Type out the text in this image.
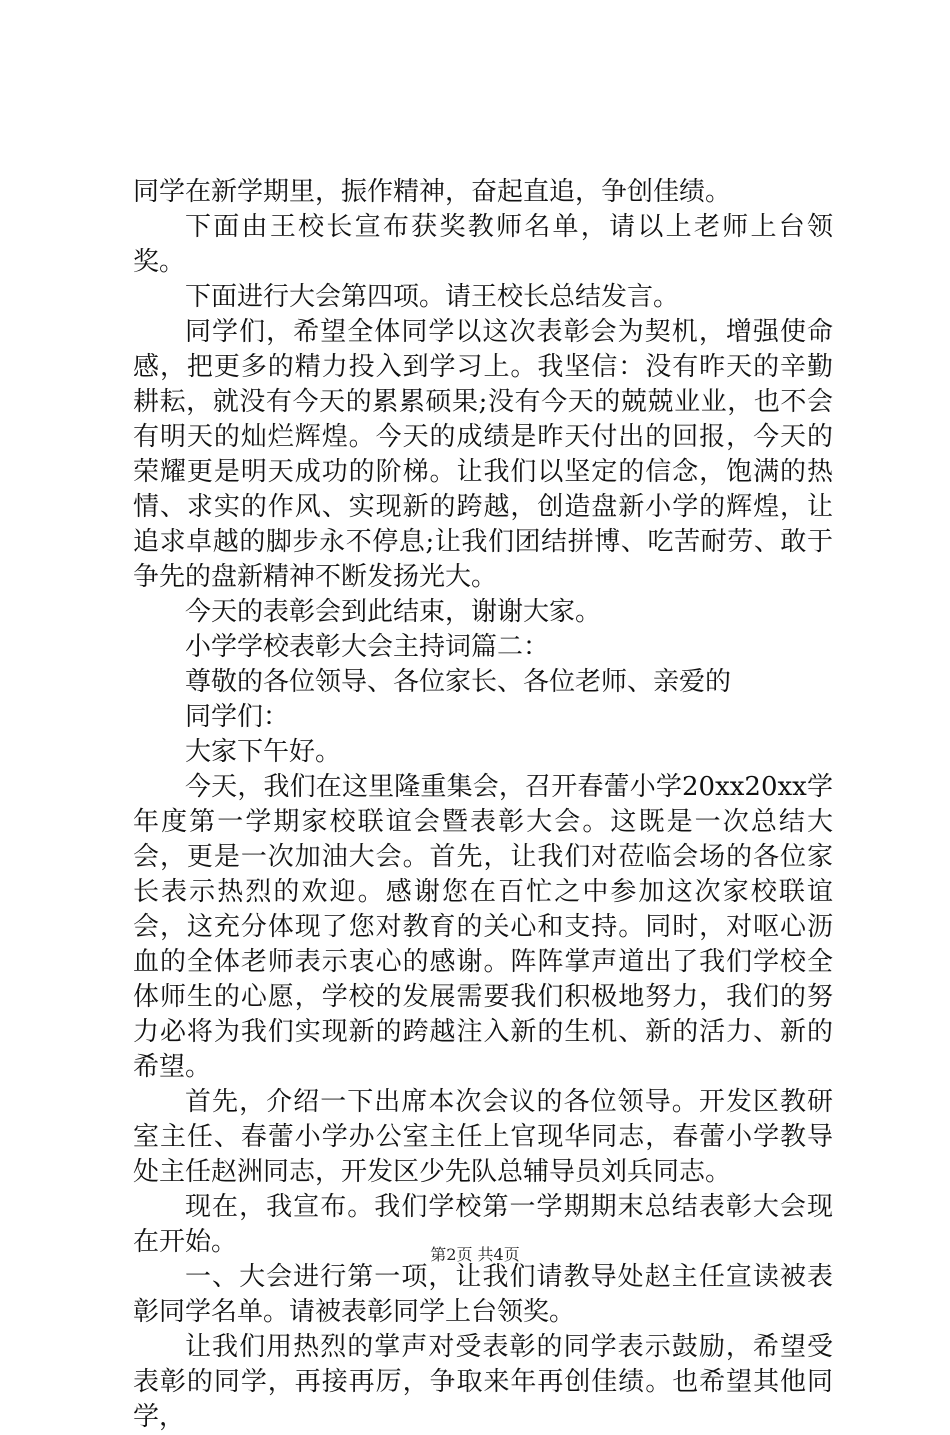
同学在新学期里，振作精神，奋起直追，争创佳绩。

下面由王校长宣布获奖教师名单，请以上老师上台领奖。

下面进行大会第四项。请王校长总结发言。

同学们，希望全体同学以这次表彰会为契机，增强使命感，把更多的精力投入到学习上。我坚信：没有昨天的辛勤耕耘，就没有今天的累累硕果;没有今天的兢兢业业，也不会有明天的灿烂辉煌。今天的成绩是昨天付出的回报，今天的荣耀更是明天成功的阶梯。让我们以坚定的信念，饱满的热情、求实的作风、实现新的跨越，创造盘新小学的辉煌，让追求卓越的脚步永不停息;让我们团结拼博、吃苦耐劳、敢于争先的盘新精神不断发扬光大。

今天的表彰会到此结束，谢谢大家。

小学学校表彰大会主持词篇二：

尊敬的各位领导、各位家长、各位老师、亲爱的

同学们：

大家下午好。

今天，我们在这里隆重集会，召开春蕾小学20xx20xx学年度第一学期家校联谊会暨表彰大会。这既是一次总结大会，更是一次加油大会。首先，让我们对莅临会场的各位家长表示热烈的欢迎。感谢您在百忙之中参加这次家校联谊会，这充分体现了您对教育的关心和支持。同时，对呕心沥血的全体老师表示衷心的感谢。阵阵掌声道出了我们学校全体师生的心愿，学校的发展需要我们积极地努力，我们的努力必将为我们实现新的跨越注入新的生机、新的活力、新的希望。

首先，介绍一下出席本次会议的各位领导。开发区教研室主任、春蕾小学办公室主任上官现华同志，春蕾小学教导处主任赵洲同志，开发区少先队总辅导员刘兵同志。

现在，我宣布。我们学校第一学期期末总结表彰大会现在开始。

一、大会进行第一项，让我们请教导处赵主任宣读被表彰同学名单。请被表彰同学上台领奖。

让我们用热烈的掌声对受表彰的同学表示鼓励，希望受表彰的同学，再接再厉，争取来年再创佳绩。也希望其他同学，

第2页 共4页
